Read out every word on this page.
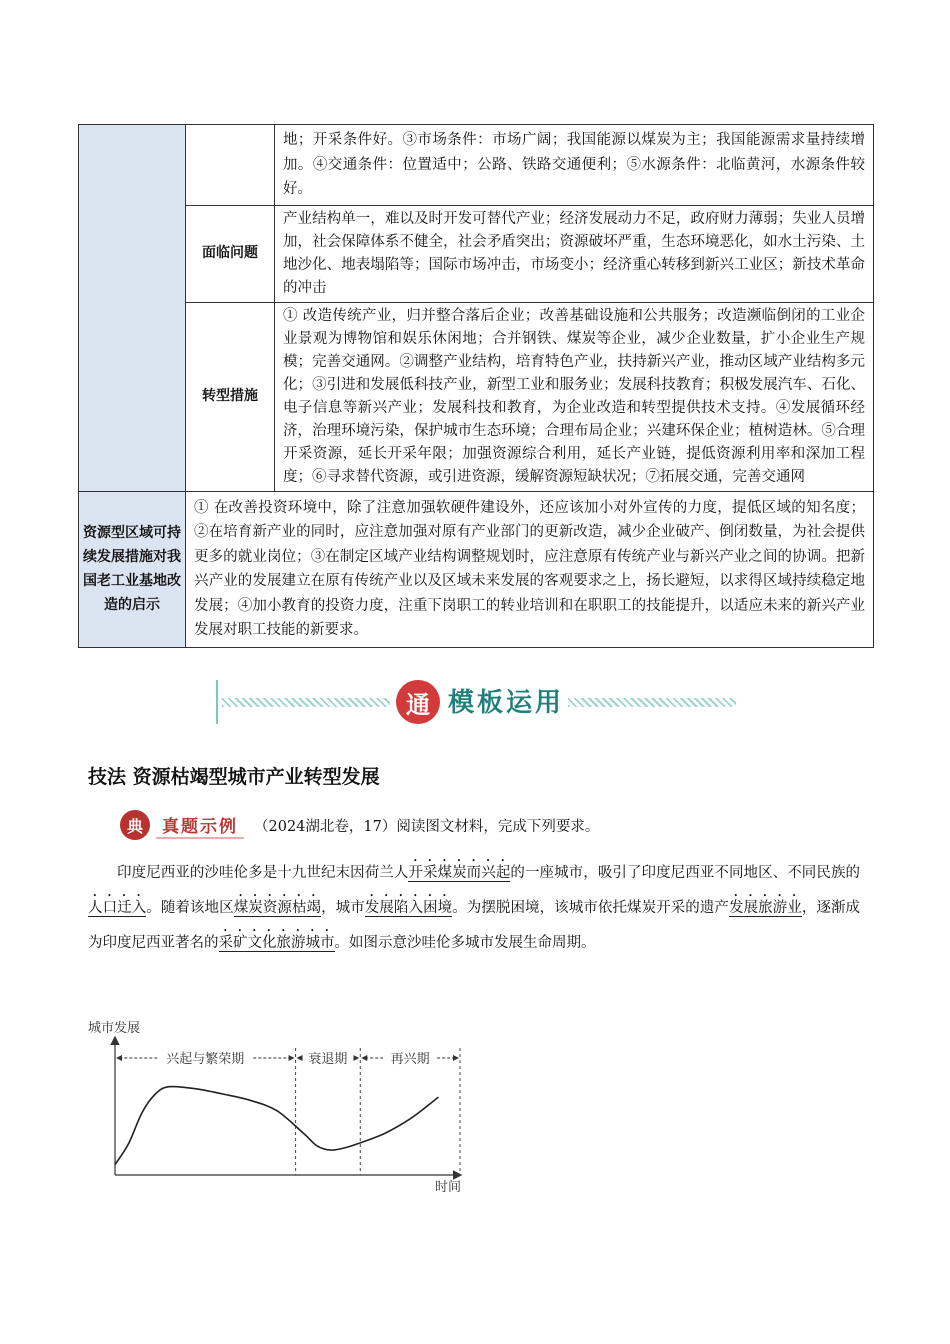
		地；开采条件好。③市场条件：市场广阔；我国能源以煤炭为主；我国能源需求量持续增加。④交通条件：位置适中；公路、铁路交通便利；⑤水源条件：北临黄河，水源条件较好。
	面临问题	产业结构单一，难以及时开发可替代产业；经济发展动力不足，政府财力薄弱；失业人员增加，社会保障体系不健全，社会矛盾突出；资源破坏严重，生态环境恶化，如水土污染、土地沙化、地表塌陷等；国际市场冲击，市场变小；经济重心转移到新兴工业区；新技术革命的冲击
	转型措施	① 改造传统产业，归并整合落后企业；改善基础设施和公共服务；改造濒临倒闭的工业企业景观为博物馆和娱乐休闲地；合并钢铁、煤炭等企业，减少企业数量，扩小企业生产规模；完善交通网。②调整产业结构，培育特色产业，扶持新兴产业，推动区域产业结构多元化；③引进和发展低科技产业，新型工业和服务业；发展科技教育；积极发展汽车、石化、电子信息等新兴产业；发展科技和教育，为企业改造和转型提供技术支持。④发展循环经济，治理环境污染，保护城市生态环境；合理布局企业；兴建环保企业；植树造林。⑤合理开采资源，延长开采年限；加强资源综合利用，延长产业链，提低资源利用率和深加工程度；⑥寻求替代资源，或引进资源，缓解资源短缺状况；⑦拓展交通，完善交通网
资源型区域可持续发展措施对我国老工业基地改造的启示	① 在改善投资环境中，除了注意加强软硬件建设外，还应该加小对外宣传的力度，提低区域的知名度；②在培育新产业的同时，应注意加强对原有产业部门的更新改造，减少企业破产、倒闭数量，为社会提供更多的就业岗位；③在制定区域产业结构调整规划时，应注意原有传统产业与新兴产业之间的协调。把新兴产业的发展建立在原有传统产业以及区域未来发展的客观要求之上，扬长避短，以求得区域持续稳定地发展；④加小教育的投资力度，注重下岗职工的转业培训和在职职工的技能提升，以适应未来的新兴产业发展对职工技能的新要求。	
通 模板运用
技法 资源枯竭型城市产业转型发展
典	真题示例	（2024湖北卷，17）阅读图文材料，完成下列要求。
印度尼西亚的沙哇伦多是十九世纪末因荷兰人开采煤炭而兴起的一座城市，吸引了印度尼西亚不同地区、不同民族的人口迁入。随着该地区煤炭资源枯竭，城市发展陷入困境。为摆脱困境，该城市依托煤炭开采的遗产发展旅游业，逐渐成为印度尼西亚著名的采矿文化旅游城市。如图示意沙哇伦多城市发展生命周期。
城市发展
时间
兴起与繁荣期	衰退期	再兴期
